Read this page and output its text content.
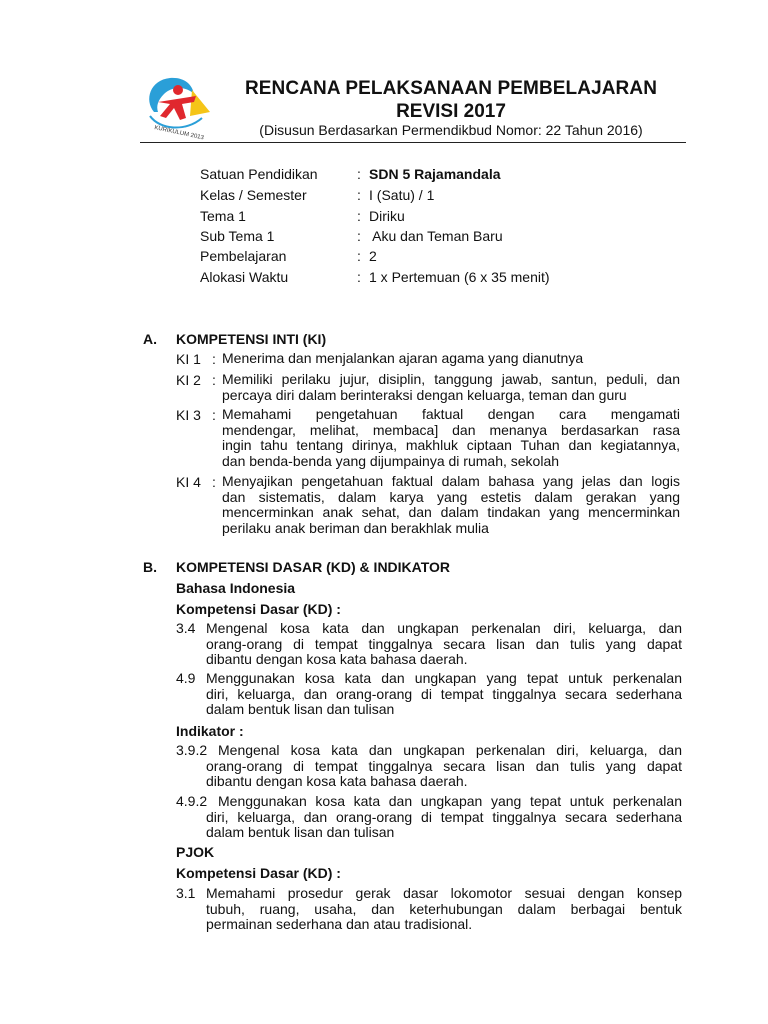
KURIKULUM 2013
RENCANA PELAKSANAAN PEMBELAJARAN
REVISI 2017
(Disusun Berdasarkan Permendikbud Nomor: 22 Tahun 2016)
Satuan Pendidikan	: SDN 5 Rajamandala
Kelas / Semester	: I (Satu) / 1
Tema 1	: Diriku
Sub Tema 1	: Aku dan Teman Baru
Pembelajaran	: 2
Alokasi Waktu	: 1 x Pertemuan (6 x 35 menit)
A. KOMPETENSI INTI (KI)
KI 1 : Menerima dan menjalankan ajaran agama yang dianutnya
KI 2 : Memiliki perilaku jujur, disiplin, tanggung jawab, santun, peduli, dan
percaya diri dalam berinteraksi dengan keluarga, teman dan guru
KI 3 : Memahami pengetahuan faktual dengan cara mengamati
mendengar, melihat, membaca] dan menanya berdasarkan rasa
ingin tahu tentang dirinya, makhluk ciptaan Tuhan dan kegiatannya,
dan benda-benda yang dijumpainya di rumah, sekolah
KI 4 : Menyajikan pengetahuan faktual dalam bahasa yang jelas dan logis
dan sistematis, dalam karya yang estetis dalam gerakan yang
mencerminkan anak sehat, dan dalam tindakan yang mencerminkan
perilaku anak beriman dan berakhlak mulia
B. KOMPETENSI DASAR (KD) & INDIKATOR
Bahasa Indonesia
Kompetensi Dasar (KD) :
3.4 Mengenal kosa kata dan ungkapan perkenalan diri, keluarga, dan
orang-orang di tempat tinggalnya secara lisan dan tulis yang dapat
dibantu dengan kosa kata bahasa daerah.
4.9 Menggunakan kosa kata dan ungkapan yang tepat untuk perkenalan
diri, keluarga, dan orang-orang di tempat tinggalnya secara sederhana
dalam bentuk lisan dan tulisan
Indikator :
3.9.2 Mengenal kosa kata dan ungkapan perkenalan diri, keluarga, dan
orang-orang di tempat tinggalnya secara lisan dan tulis yang dapat
dibantu dengan kosa kata bahasa daerah.
4.9.2 Menggunakan kosa kata dan ungkapan yang tepat untuk perkenalan
diri, keluarga, dan orang-orang di tempat tinggalnya secara sederhana
dalam bentuk lisan dan tulisan
PJOK
Kompetensi Dasar (KD) :
3.1 Memahami prosedur gerak dasar lokomotor sesuai dengan konsep
tubuh, ruang, usaha, dan keterhubungan dalam berbagai bentuk
permainan sederhana dan atau tradisional.
